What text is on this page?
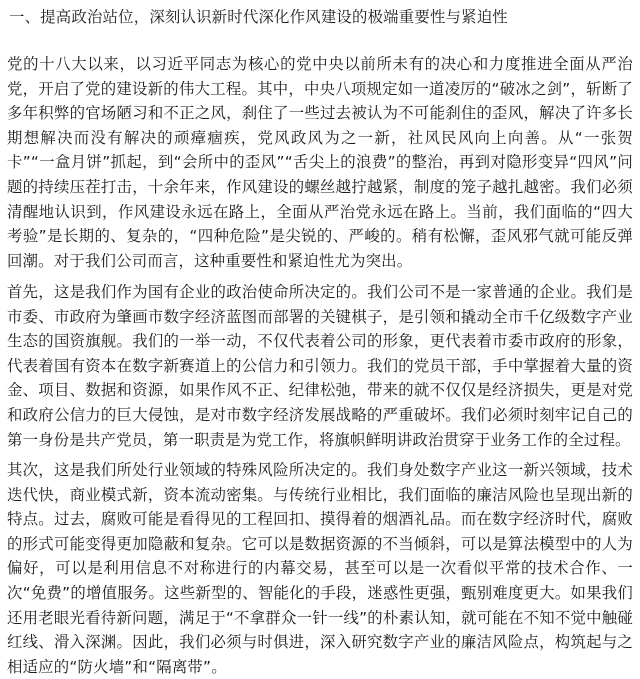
一、提高政治站位，深刻认识新时代深化作风建设的极端重要性与紧迫性
党的十八大以来，以习近平同志为核心的党中央以前所未有的决心和力度推进全面从严治党，开启了党的建设新的伟大工程。其中，中央八项规定如一道凌厉的“破冰之剑”，斩断了多年积弊的官场陋习和不正之风，刹住了一些过去被认为不可能刹住的歪风，解决了许多长期想解决而没有解决的顽瘴痼疾，党风政风为之一新，社风民风向上向善。从“一张贺卡”“一盒月饼”抓起，到“会所中的歪风”“舌尖上的浪费”的整治，再到对隐形变异“四风”问题的持续压茬打击，十余年来，作风建设的螺丝越拧越紧，制度的笼子越扎越密。我们必须清醒地认识到，作风建设永远在路上，全面从严治党永远在路上。当前，我们面临的“四大考验”是长期的、复杂的，“四种危险”是尖锐的、严峻的。稍有松懈，歪风邪气就可能反弹回潮。对于我们公司而言，这种重要性和紧迫性尤为突出。
首先，这是我们作为国有企业的政治使命所决定的。我们公司不是一家普通的企业。我们是市委、市政府为肇画市数字经济蓝图而部署的关键棋子，是引领和撬动全市千亿级数字产业生态的国资旗舰。我们的一举一动，不仅代表着公司的形象，更代表着市委市政府的形象，代表着国有资本在数字新赛道上的公信力和引领力。我们的党员干部，手中掌握着大量的资金、项目、数据和资源，如果作风不正、纪律松弛，带来的就不仅仅是经济损失，更是对党和政府公信力的巨大侵蚀，是对市数字经济发展战略的严重破坏。我们必须时刻牢记自己的第一身份是共产党员，第一职责是为党工作，将旗帜鲜明讲政治贯穿于业务工作的全过程。
其次，这是我们所处行业领域的特殊风险所决定的。我们身处数字产业这一新兴领域，技术迭代快，商业模式新，资本流动密集。与传统行业相比，我们面临的廉洁风险也呈现出新的特点。过去，腐败可能是看得见的工程回扣、摸得着的烟酒礼品。而在数字经济时代，腐败的形式可能变得更加隐蔽和复杂。它可以是数据资源的不当倾斜，可以是算法模型中的人为偏好，可以是利用信息不对称进行的内幕交易，甚至可以是一次看似平常的技术合作、一次“免费”的增值服务。这些新型的、智能化的手段，迷惑性更强，甄别难度更大。如果我们还用老眼光看待新问题，满足于“不拿群众一针一线”的朴素认知，就可能在不知不觉中触碰红线、滑入深渊。因此，我们必须与时俱进，深入研究数字产业的廉洁风险点，构筑起与之相适应的“防火墙”和“隔离带”。
